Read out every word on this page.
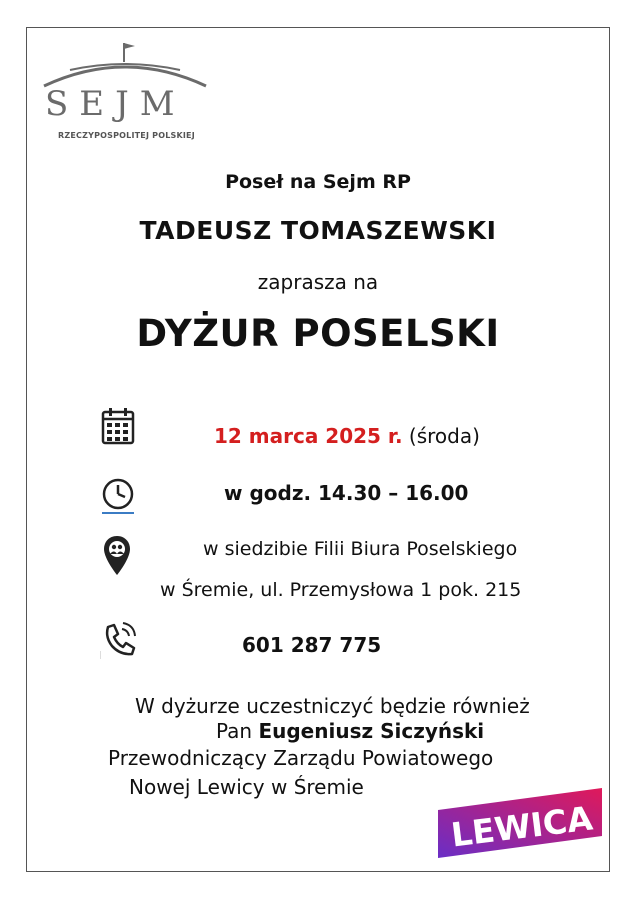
SEJM
RZECZYPOSPOLITEJ POLSKIEJ
Poseł na Sejm RP
TADEUSZ TOMASZEWSKI
zaprasza na
DYŻUR POSELSKI
12 marca 2025 r. (środa)
w godz. 14.30 – 16.00
w siedzibie Filii Biura Poselskiego
w Śremie, ul. Przemysłowa 1 pok. 215
601 287 775
W dyżurze uczestniczyć będzie również
Pan Eugeniusz Siczyński
Przewodniczący Zarządu Powiatowego
Nowej Lewicy w Śremie
LEWICA
